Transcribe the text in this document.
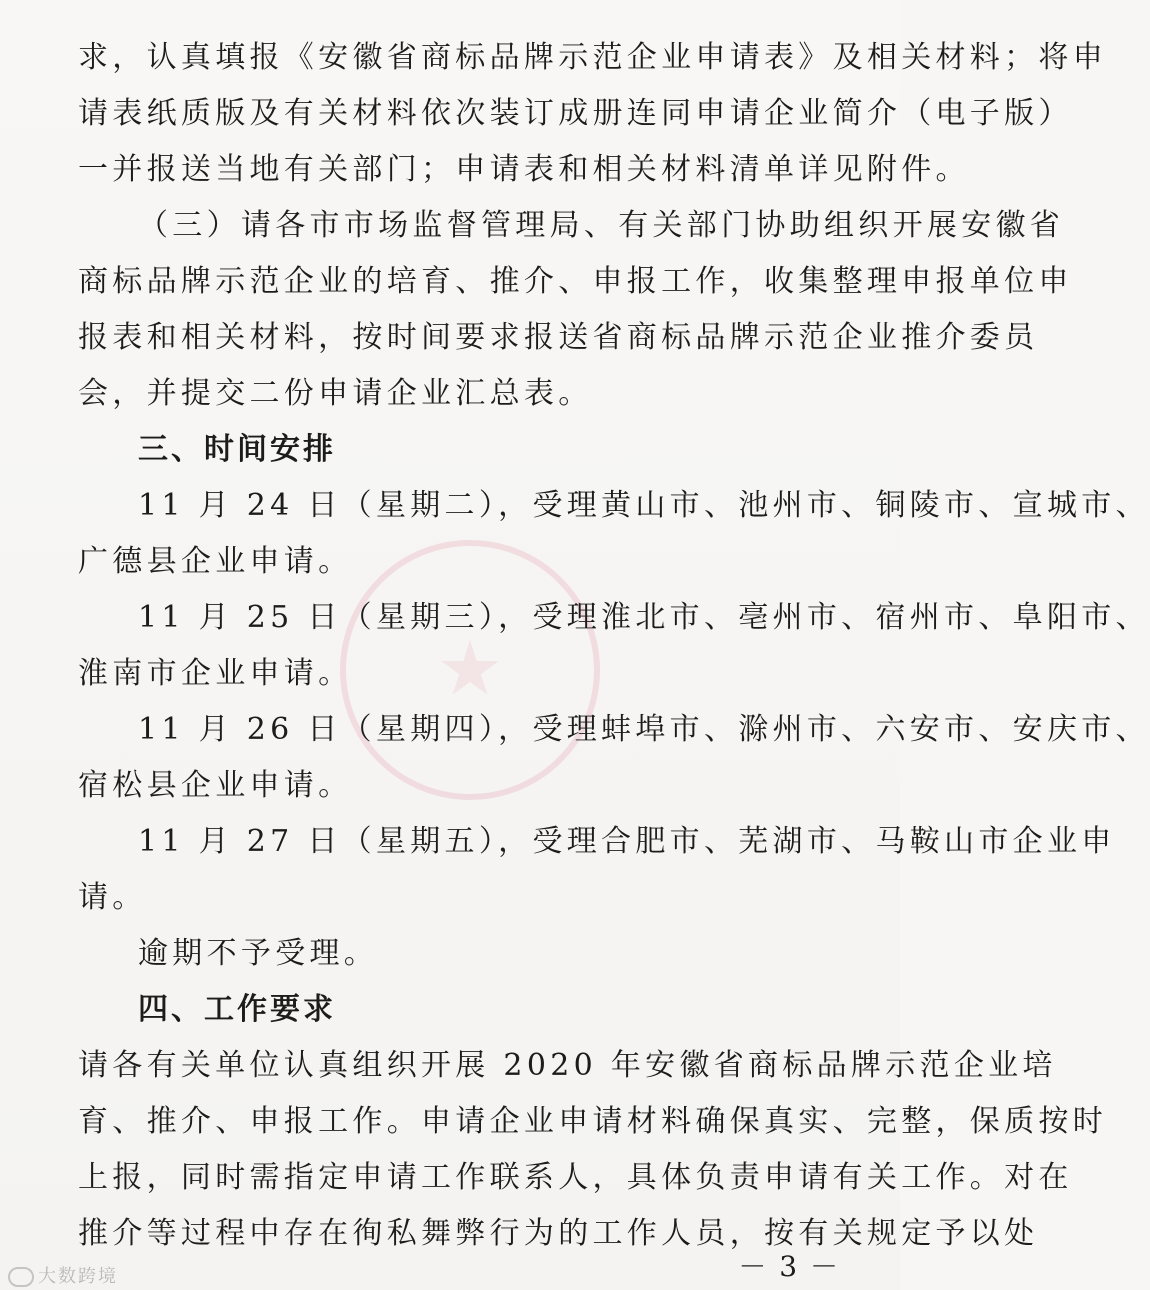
求，认真填报《安徽省商标品牌示范企业申请表》及相关材料；将申
请表纸质版及有关材料依次装订成册连同申请企业简介（电子版）
一并报送当地有关部门；申请表和相关材料清单详见附件。
（三）请各市市场监督管理局、有关部门协助组织开展安徽省
商标品牌示范企业的培育、推介、申报工作，收集整理申报单位申
报表和相关材料，按时间要求报送省商标品牌示范企业推介委员
会，并提交二份申请企业汇总表。
三、时间安排
11 月 24 日（星期二），受理黄山市、池州市、铜陵市、宣城市、
广德县企业申请。
11 月 25 日（星期三），受理淮北市、亳州市、宿州市、阜阳市、
淮南市企业申请。
11 月 26 日（星期四），受理蚌埠市、滁州市、六安市、安庆市、
宿松县企业申请。
11 月 27 日（星期五），受理合肥市、芜湖市、马鞍山市企业申
请。
逾期不予受理。
四、工作要求
请各有关单位认真组织开展 2020 年安徽省商标品牌示范企业培
育、推介、申报工作。申请企业申请材料确保真实、完整，保质按时
上报，同时需指定申请工作联系人，具体负责申请有关工作。对在
推介等过程中存在徇私舞弊行为的工作人员，按有关规定予以处
－ 3 －
大数跨境
